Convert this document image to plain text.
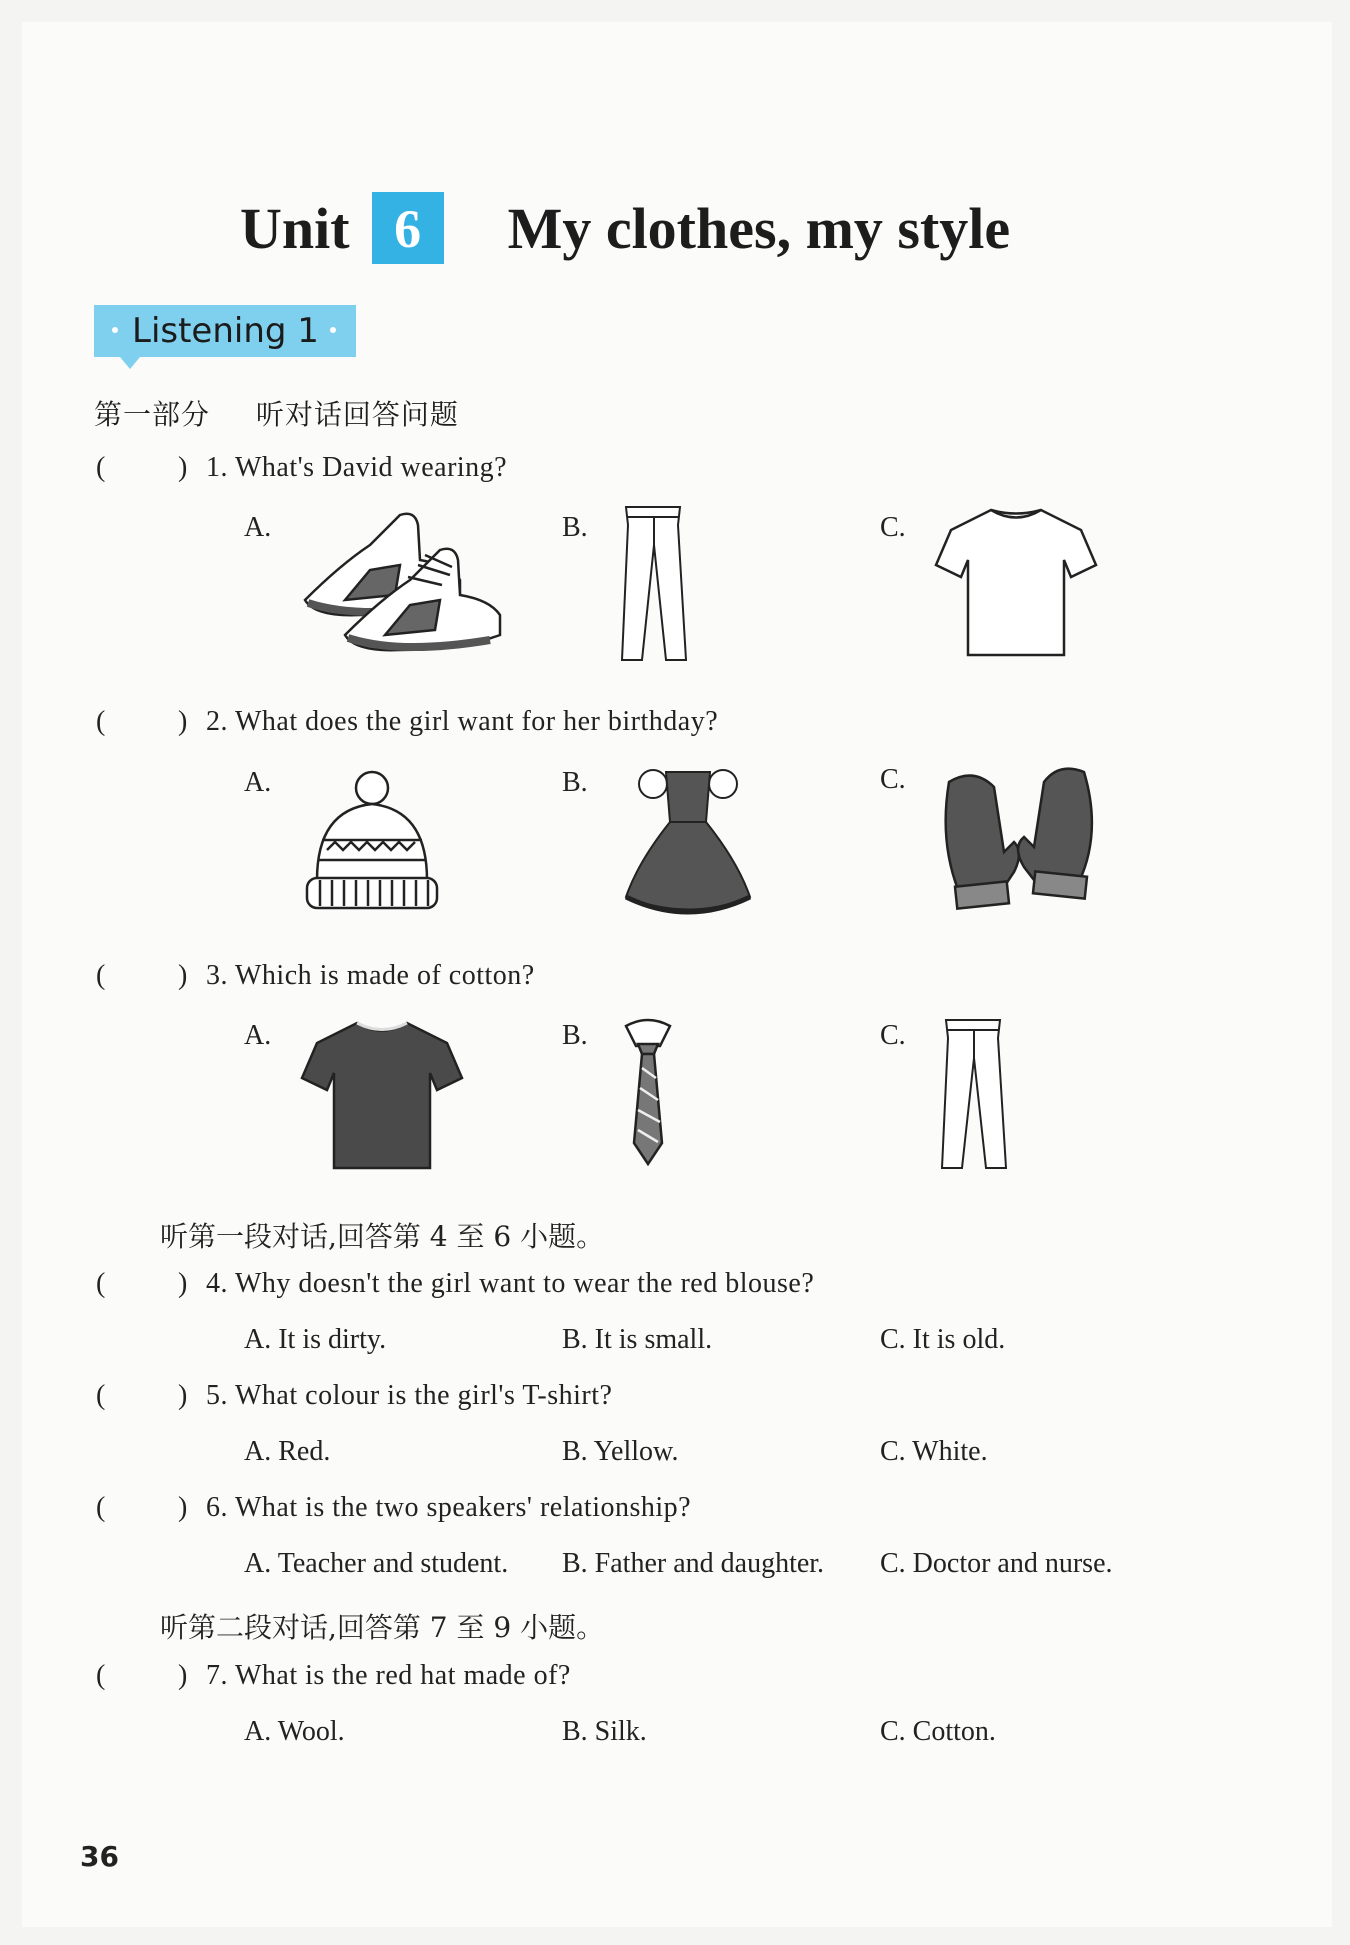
Unit 6	My clothes, my style
Listening 1
第一部分 听对话回答问题
(	) 1. What's David wearing?
A.	B.	C.
(	) 2. What does the girl want for her birthday?
A.	B.	C.
(	) 3. Which is made of cotton?
A.	B.	C.
听第一段对话,回答第 4 至 6 小题。
(	) 4. Why doesn't the girl want to wear the red blouse?
A. It is dirty.	B. It is small.	C. It is old.
(	) 5. What colour is the girl's T-shirt?
A. Red.	B. Yellow.	C. White.
(	) 6. What is the two speakers' relationship?
A. Teacher and student. B. Father and daughter. C. Doctor and nurse.
听第二段对话,回答第 7 至 9 小题。
(	) 7. What is the red hat made of?
A. Wool.	B. Silk.	C. Cotton.
36
